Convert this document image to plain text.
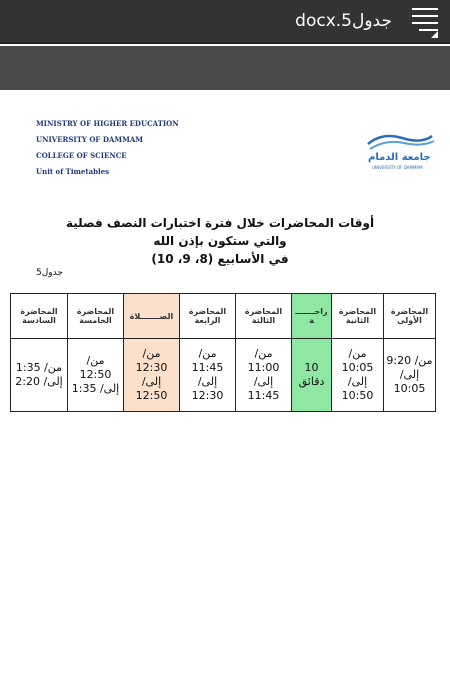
جدول5.docx
MINISTRY OF HIGHER EDUCATION
UNIVERSITY OF DAMMAM
COLLEGE OF SCIENCE
Unit of Timetables
جامعة الدمام
UNIVERSITY OF DAMMAM
أوقات المحاضرات خلال فترة اختبارات النصف فصلية والتي ستكون بإذن الله
في الأسابيع (8، 9، 10)
جدول5
المحاضرة الأولى	المحاضرة الثانية	راحـــــــة	المحاضرة الثالثة	المحاضرة الرابعة	الصـــــــلاة	المحاضرة الخامسة	المحاضرة السادسة
من/ 9:20 إلى/ 10:05	من/ 10:05 إلى/ 10:50	10 دقائق	من/ 11:00 إلى/ 11:45	من/ 11:45 إلى/ 12:30	من/ 12:30 إلى/ 12:50	من/ 12:50 إلى/ 1:35	من/ 1:35 إلى/ 2:20
